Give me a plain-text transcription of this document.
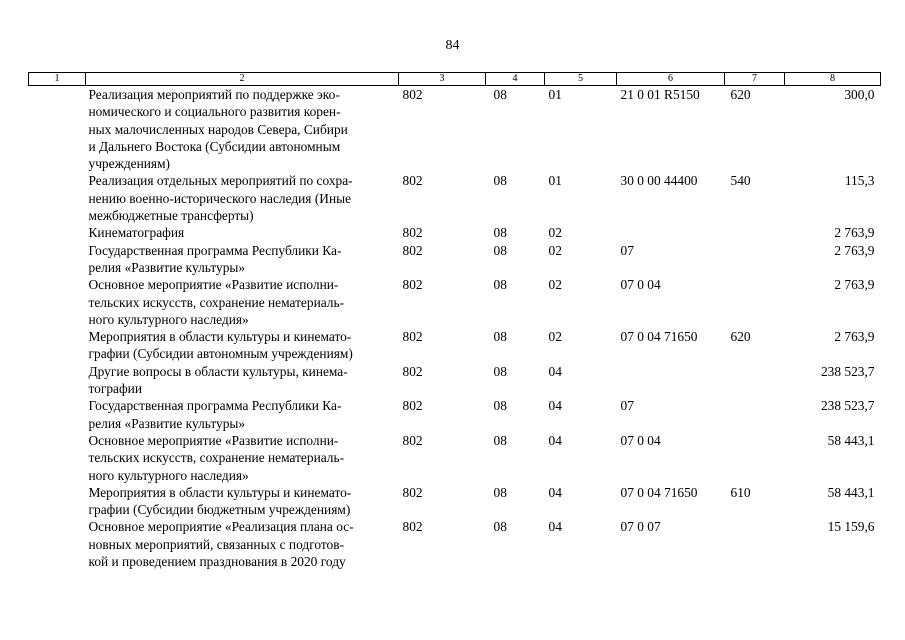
84
1	2	3	4	5	6	7	8

	Реализация мероприятий по поддержке эко-
номического и социального развития корен-
ных малочисленных народов Севера, Сибири
и Дальнего Востока (Субсидии автономным
учреждениям)	802	08	01	21 0 01 R5150	620	300,0

	Реализация отдельных мероприятий по сохра-
нению военно-исторического наследия (Иные
межбюджетные трансферты)	802	08	01	30 0 00 44400	540	115,3

	Кинематография	802	08	02			2 763,9

	Государственная программа Республики Ка-
релия «Развитие культуры»	802	08	02	07		2 763,9

	Основное мероприятие «Развитие исполни-
тельских искусств, сохранение нематериаль-
ного культурного наследия»	802	08	02	07 0 04		2 763,9

	Мероприятия в области культуры и кинемато-
графии (Субсидии автономным учреждениям)	802	08	02	07 0 04 71650	620	2 763,9

	Другие вопросы в области культуры, кинема-
тографии	802	08	04			238 523,7

	Государственная программа Республики Ка-
релия «Развитие культуры»	802	08	04	07		238 523,7

	Основное мероприятие «Развитие исполни-
тельских искусств, сохранение нематериаль-
ного культурного наследия»	802	08	04	07 0 04		58 443,1

	Мероприятия в области культуры и кинемато-
графии (Субсидии бюджетным учреждениям)	802	08	04	07 0 04 71650	610	58 443,1

	Основное мероприятие «Реализация плана ос-
новных мероприятий, связанных с подготов-
кой и проведением празднования в 2020 году	802	08	04	07 0 07		15 159,6
